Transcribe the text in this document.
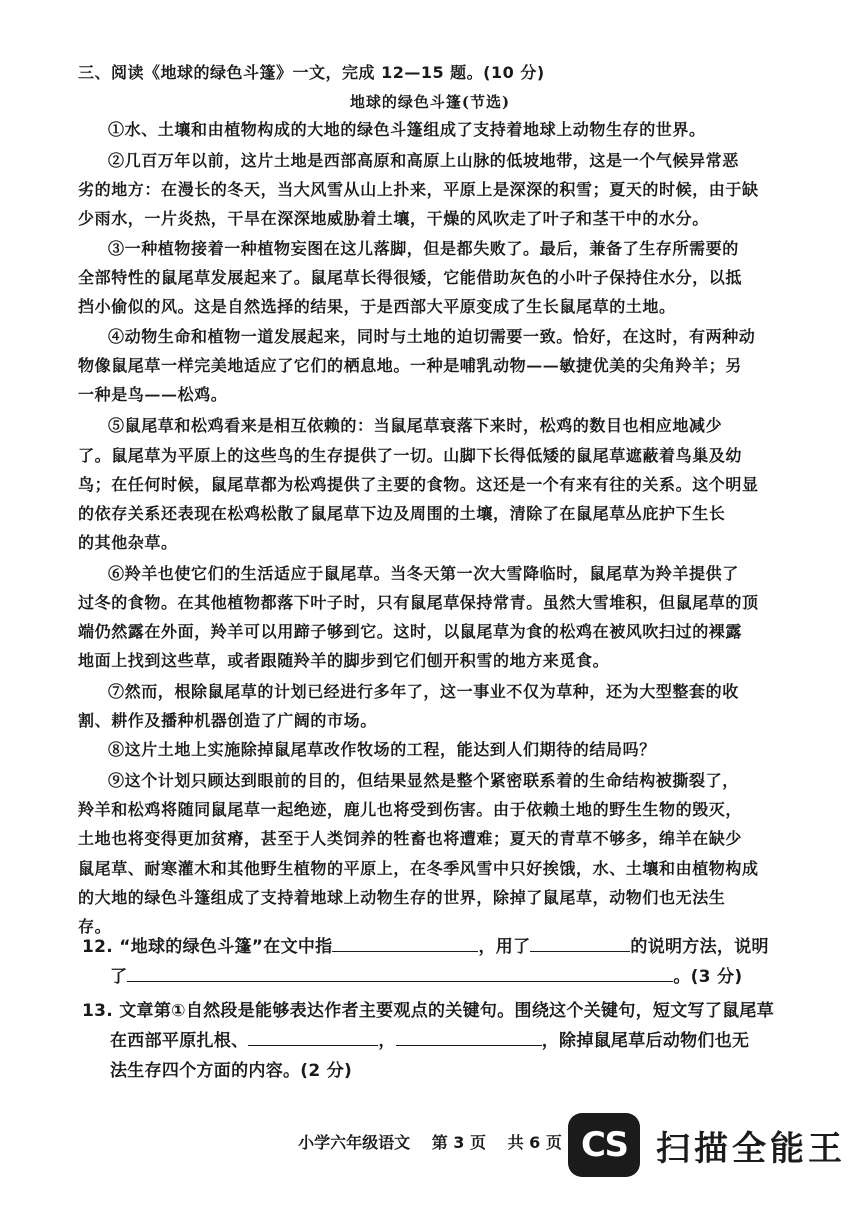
三、阅读《地球的绿色斗篷》一文，完成 12—15 题。(10 分)
地球的绿色斗篷(节选)
①水、土壤和由植物构成的大地的绿色斗篷组成了支持着地球上动物生存的世界。
②几百万年以前，这片土地是西部高原和高原上山脉的低坡地带，这是一个气候异常恶
劣的地方：在漫长的冬天，当大风雪从山上扑来，平原上是深深的积雪；夏天的时候，由于缺
少雨水，一片炎热，干旱在深深地威胁着土壤，干燥的风吹走了叶子和茎干中的水分。
③一种植物接着一种植物妄图在这儿落脚，但是都失败了。最后，兼备了生存所需要的
全部特性的鼠尾草发展起来了。鼠尾草长得很矮，它能借助灰色的小叶子保持住水分，以抵
挡小偷似的风。这是自然选择的结果，于是西部大平原变成了生长鼠尾草的土地。
④动物生命和植物一道发展起来，同时与土地的迫切需要一致。恰好，在这时，有两种动
物像鼠尾草一样完美地适应了它们的栖息地。一种是哺乳动物——敏捷优美的尖角羚羊；另
一种是鸟——松鸡。
⑤鼠尾草和松鸡看来是相互依赖的：当鼠尾草衰落下来时，松鸡的数目也相应地减少
了。鼠尾草为平原上的这些鸟的生存提供了一切。山脚下长得低矮的鼠尾草遮蔽着鸟巢及幼
鸟；在任何时候，鼠尾草都为松鸡提供了主要的食物。这还是一个有来有往的关系。这个明显
的依存关系还表现在松鸡松散了鼠尾草下边及周围的土壤，清除了在鼠尾草丛庇护下生长
的其他杂草。
⑥羚羊也使它们的生活适应于鼠尾草。当冬天第一次大雪降临时，鼠尾草为羚羊提供了
过冬的食物。在其他植物都落下叶子时，只有鼠尾草保持常青。虽然大雪堆积，但鼠尾草的顶
端仍然露在外面，羚羊可以用蹄子够到它。这时，以鼠尾草为食的松鸡在被风吹扫过的裸露
地面上找到这些草，或者跟随羚羊的脚步到它们刨开积雪的地方来觅食。
⑦然而，根除鼠尾草的计划已经进行多年了，这一事业不仅为草种，还为大型整套的收
割、耕作及播种机器创造了广阔的市场。
⑧这片土地上实施除掉鼠尾草改作牧场的工程，能达到人们期待的结局吗？
⑨这个计划只顾达到眼前的目的，但结果显然是整个紧密联系着的生命结构被撕裂了，
羚羊和松鸡将随同鼠尾草一起绝迹，鹿儿也将受到伤害。由于依赖土地的野生生物的毁灭，
土地也将变得更加贫瘠，甚至于人类饲养的牲畜也将遭难；夏天的青草不够多，绵羊在缺少
鼠尾草、耐寒灌木和其他野生植物的平原上，在冬季风雪中只好挨饿，水、土壤和由植物构成
的大地的绿色斗篷组成了支持着地球上动物生存的世界，除掉了鼠尾草，动物们也无法生
存。
12. “地球的绿色斗篷”在文中指	，用了	的说明方法，说明
了	。(3 分)
13. 文章第①自然段是能够表达作者主要观点的关键句。围绕这个关键句，短文写了鼠尾草
在西部平原扎根、	，	，除掉鼠尾草后动物们也无
法生存四个方面的内容。(2 分)
小学六年级语文 第 3 页 共 6 页 CS 扫描全能王
